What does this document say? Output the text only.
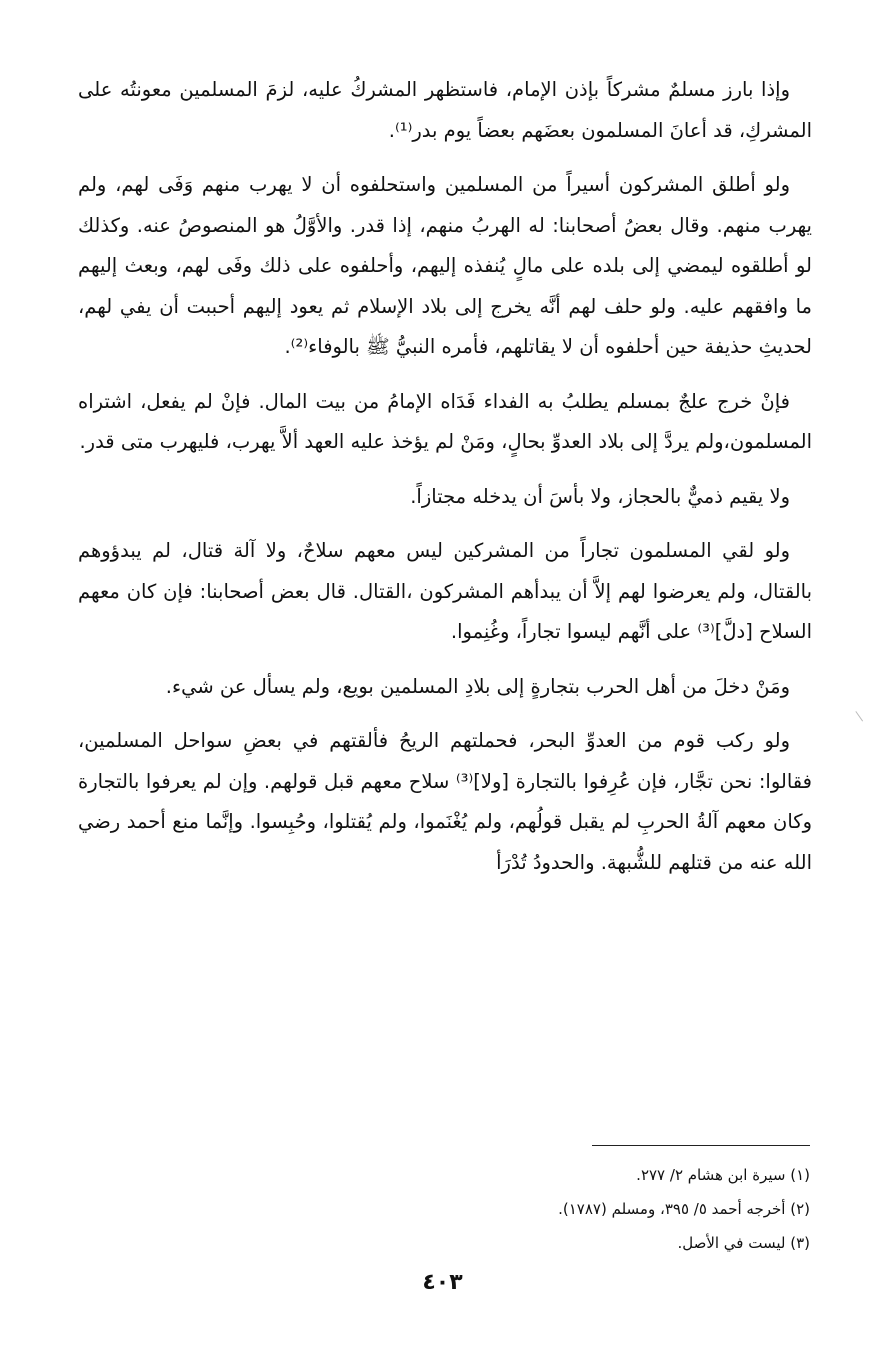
وإذا بارز مسلمٌ مشركاً بإذن الإمام، فاستظهر المشركُ عليه، لزمَ المسلمين معونتُه على المشركِ، قد أعانَ المسلمون بعضَهم بعضاً يوم بدر⁽¹⁾.

ولو أطلق المشركون أسيراً من المسلمين واستحلفوه أن لا يهرب منهم وَفَى لهم، ولم يهرب منهم. وقال بعضُ أصحابنا: له الهربُ منهم، إذا قدر. والأوَّلُ هو المنصوصُ عنه. وكذلك لو أطلقوه ليمضي إلى بلده على مالٍ يُنفذه إليهم، وأحلفوه على ذلك وفَى لهم، وبعث إليهم ما وافقهم عليه. ولو حلف لهم أنَّه يخرج إلى بلاد الإسلام ثم يعود إليهم أحببت أن يفي لهم، لحديثِ حذيفة حين أحلفوه أن لا يقاتلهم، فأمره النبيُّ ﷺ بالوفاء⁽²⁾.

فإنْ خرج علجٌ بمسلم يطلبُ به الفداء فَدَاه الإمامُ من بيت المال. فإنْ لم يفعل، اشتراه المسلمون،ولم يردَّ إلى بلاد العدوِّ بحالٍ، ومَنْ لم يؤخذ عليه العهد ألاَّ يهرب، فليهرب متى قدر.

ولا يقيم ذميٌّ بالحجاز، ولا بأسَ أن يدخله مجتازاً.

ولو لقي المسلمون تجاراً من المشركين ليس معهم سلاحٌ، ولا آلة قتال، لم يبدؤوهم بالقتال، ولم يعرضوا لهم إلاَّ أن يبدأهم المشركون ،القتال. قال بعض أصحابنا: فإن كان معهم السلاح [دلَّ]⁽³⁾ على أنَّهم ليسوا تجاراً، وغُنِموا.

ومَنْ دخلَ من أهل الحرب بتجارةٍ إلى بلادِ المسلمين بويع، ولم يسأل عن شيء.

ولو ركب قوم من العدوِّ البحر، فحملتهم الريحُ فألقتهم في بعضِ سواحل المسلمين، فقالوا: نحن تجَّار، فإن عُرِفوا بالتجارة [ولا]⁽³⁾ سلاح معهم قبل قولهم. وإن لم يعرفوا بالتجارة وكان معهم آلةُ الحربِ لم يقبل قولُهم، ولم يُغْنَموا، ولم يُقتلوا، وحُبِسوا. وإنَّما منع أحمد رضي الله عنه من قتلهم للشُّبهة. والحدودُ تُدْرَأ

(١) سيرة ابن هشام ٢/ ٢٧٧.

(٢) أخرجه أحمد ٥/ ٣٩٥، ومسلم (١٧٨٧).

(٣) ليست في الأصل.

٤٠٣
